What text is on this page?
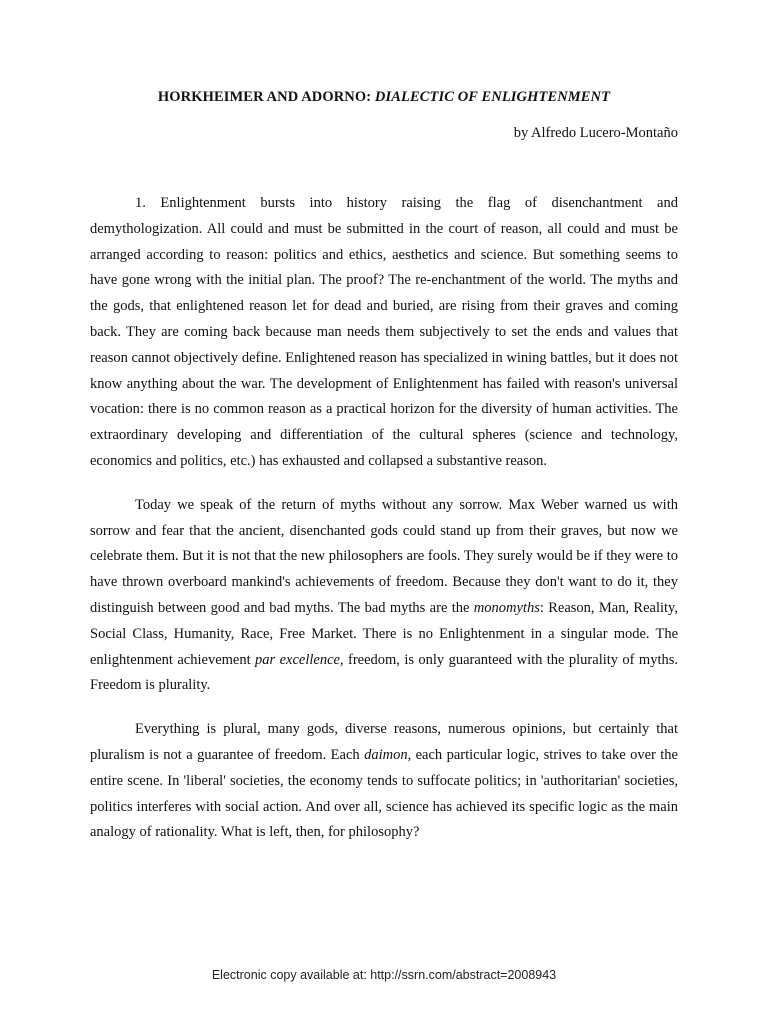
HORKHEIMER AND ADORNO: DIALECTIC OF ENLIGHTENMENT
by Alfredo Lucero-Montaño

1. Enlightenment bursts into history raising the flag of disenchantment and demythologization. All could and must be submitted in the court of reason, all could and must be arranged according to reason: politics and ethics, aesthetics and science. But something seems to have gone wrong with the initial plan. The proof? The re-enchantment of the world. The myths and the gods, that enlightened reason let for dead and buried, are rising from their graves and coming back. They are coming back because man needs them subjectively to set the ends and values that reason cannot objectively define. Enlightened reason has specialized in wining battles, but it does not know anything about the war. The development of Enlightenment has failed with reason's universal vocation: there is no common reason as a practical horizon for the diversity of human activities. The extraordinary developing and differentiation of the cultural spheres (science and technology, economics and politics, etc.) has exhausted and collapsed a substantive reason.

Today we speak of the return of myths without any sorrow. Max Weber warned us with sorrow and fear that the ancient, disenchanted gods could stand up from their graves, but now we celebrate them. But it is not that the new philosophers are fools. They surely would be if they were to have thrown overboard mankind's achievements of freedom. Because they don't want to do it, they distinguish between good and bad myths. The bad myths are the monomyths: Reason, Man, Reality, Social Class, Humanity, Race, Free Market. There is no Enlightenment in a singular mode. The enlightenment achievement par excellence, freedom, is only guaranteed with the plurality of myths. Freedom is plurality.

Everything is plural, many gods, diverse reasons, numerous opinions, but certainly that pluralism is not a guarantee of freedom. Each daimon, each particular logic, strives to take over the entire scene. In 'liberal' societies, the economy tends to suffocate politics; in 'authoritarian' societies, politics interferes with social action. And over all, science has achieved its specific logic as the main analogy of rationality. What is left, then, for philosophy?

Electronic copy available at: http://ssrn.com/abstract=2008943
